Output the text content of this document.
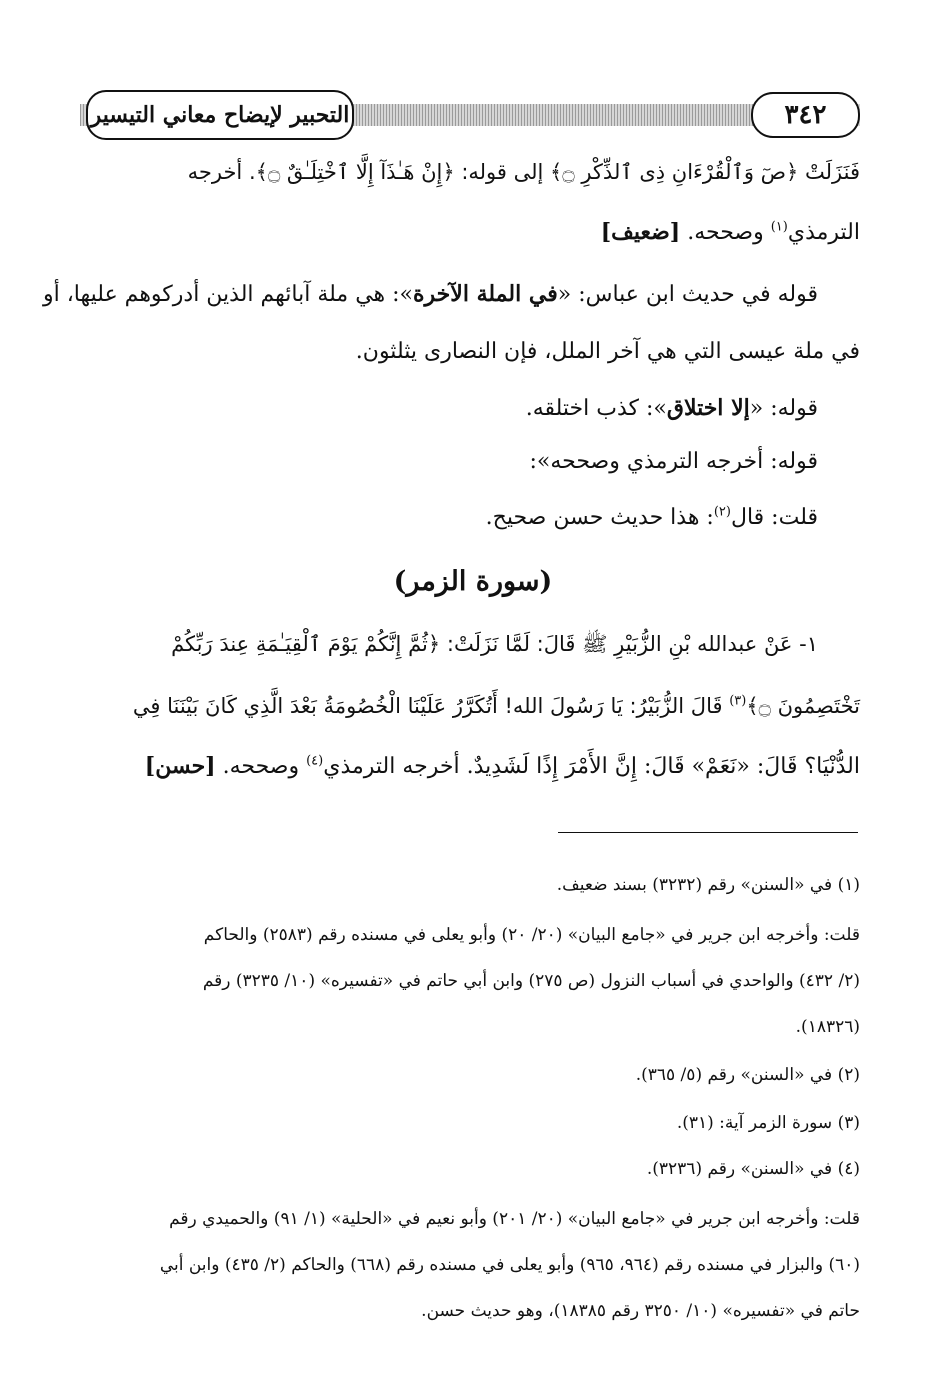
٣٤٢
التحبير لإيضاح معاني التيسير
فَنَزَلَتْ ﴿صٓ وَٱلْقُرْءَانِ ذِى ٱلذِّكْرِ ۝﴾ إلى قوله: ﴿إِنْ هَـٰذَآ إِلَّا ٱخْتِلَـٰقٌ ۝﴾. أخرجه
الترمذي$^{(١)}$ وصححه. [ضعيف]
قوله في حديث ابن عباس: «في الملة الآخرة»: هي ملة آبائهم الذين أدركوهم عليها، أو
في ملة عيسى التي هي آخر الملل، فإن النصارى يثلثون.
قوله: «إلا اختلاق»: كذب اختلقه.
قوله: أخرجه الترمذي وصححه»:
قلت: قال$^{(٢)}$: هذا حديث حسن صحيح.
(سورة الزمر)
١- عَنْ عبدالله بْنِ الزُّبَيْرِ ﷺ قَالَ: لَمَّا نَزَلَتْ: ﴿ثُمَّ إِنَّكُمْ يَوْمَ ٱلْقِيَـٰمَةِ عِندَ رَبِّكُمْ
تَخْتَصِمُونَ ۝﴾$^{(٣)}$ قَالَ الزُّبَيْرُ: يَا رَسُولَ الله! أَتُكَرَّرُ عَلَيْنَا الْخُصُومَةُ بَعْدَ الَّذِي كَانَ بَيْنَنَا فِي
الدُّنْيَا؟ قَالَ: «نَعَمْ» قَالَ: إِنَّ الأَمْرَ إِذًا لَشَدِيدٌ. أخرجه الترمذي$^{(٤)}$ وصححه. [حسن]
(١) في «السنن» رقم (٣٢٣٢) بسند ضعيف.
قلت: وأخرجه ابن جرير في «جامع البيان» (٢٠/ ٢٠) وأبو يعلى في مسنده رقم (٢٥٨٣) والحاكم
(٢/ ٤٣٢) والواحدي في أسباب النزول (ص ٢٧٥) وابن أبي حاتم في «تفسيره» (١٠/ ٣٢٣٥) رقم
(١٨٣٢٦).
(٢) في «السنن» رقم (٥/ ٣٦٥).
(٣) سورة الزمر آية: (٣١).
(٤) في «السنن» رقم (٣٢٣٦).
قلت: وأخرجه ابن جرير في «جامع البيان» (٢٠/ ٢٠١) وأبو نعيم في «الحلية» (١/ ٩١) والحميدي رقم
(٦٠) والبزار في مسنده رقم (٩٦٤، ٩٦٥) وأبو يعلى في مسنده رقم (٦٦٨) والحاكم (٢/ ٤٣٥) وابن أبي
حاتم في «تفسيره» (١٠/ ٣٢٥٠ رقم ١٨٣٨٥)، وهو حديث حسن.
